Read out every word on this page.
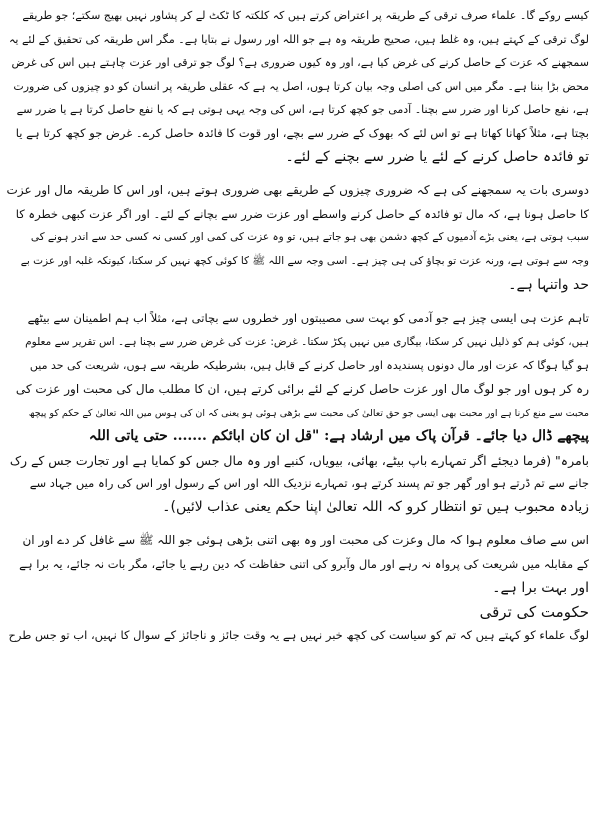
کیسے روکے گا۔ علماء صرف ترقی کے طریقہ پر اعتراض کرتے ہیں کہ کلکتہ کا ٹکٹ لے کر پشاور نہیں بھیج سکتے؛ جو طریقے
لوگ ترقی کے کہتے ہیں، وہ غلط ہیں، صحیح طریقہ وہ ہے جو اللہ اور رسول نے بتایا ہے۔ مگر اس طریقہ کی تحقیق کے لئے یہ
سمجھنے کہ عزت کے حاصل کرنے کی غرض کیا ہے، اور وہ کیوں ضروری ہے؟ لوگ جو ترقی اور عزت چاہتے ہیں اس کی غرض
محض بڑا بننا ہے۔ مگر میں اس کی اصلی وجہ بیان کرتا ہوں، اصل یہ ہے کہ عقلی طریقہ پر انسان کو دو چیزوں کی ضرورت
ہے، نفع حاصل کرنا اور ضرر سے بچنا۔ آدمی جو کچھ کرتا ہے، اس کی وجہ یہی ہوتی ہے کہ یا نفع حاصل کرتا ہے یا ضرر سے
بچتا ہے، مثلاً کھانا کھاتا ہے تو اس لئے کہ بھوک کے ضرر سے بچے، اور قوت کا فائدہ حاصل کرے۔ غرض جو کچھ کرتا ہے یا
تو فائدہ حاصل کرنے کے لئے یا ضرر سے بچنے کے لئے۔
دوسری بات یہ سمجھنے کی ہے کہ ضروری چیزوں کے طریقے بھی ضروری ہوتے ہیں، اور اس کا طریقہ مال اور عزت
کا حاصل ہونا ہے، کہ مال تو فائدہ کے حاصل کرنے واسطے اور عزت ضرر سے بچانے کے لئے۔ اور اگر عزت کبھی خطرہ کا
سبب ہوتی ہے، یعنی بڑے آدمیوں کے کچھ دشمن بھی ہو جاتے ہیں، تو وہ عزت کی کمی اور کسی نہ کسی حد سے اندر ہونے کی
وجہ سے ہوتی ہے، ورنہ عزت تو بچاؤ کی ہی چیز ہے۔ اسی وجہ سے اللہ ﷺ کا کوئی کچھ نہیں کر سکتا، کیونکہ غلبہ اور عزت بے
حد واتنہا ہے۔
تاہم عزت ہی ایسی چیز ہے جو آدمی کو بہت سی مصیبتوں اور خطروں سے بچاتی ہے، مثلاً اب ہم اطمینان سے بیٹھے
ہیں، کوئی ہم کو ذلیل نہیں کر سکتا، بیگاری میں نہیں پکڑ سکتا۔ غرض: عزت کی غرض ضرر سے بچنا ہے۔ اس تقریر سے معلوم
ہو گیا ہوگا کہ عزت اور مال دونوں پسندیدہ اور حاصل کرنے کے قابل ہیں، بشرطیکہ طریقہ سے ہوں، شریعت کی حد میں
رہ کر ہوں اور جو لوگ مال اور عزت حاصل کرنے کے لئے برائی کرتے ہیں، ان کا مطلب مال کی محبت اور عزت کی
محبت سے منع کرنا ہے اور محبت بھی ایسی جو حق تعالیٰ کی محبت سے بڑھی ہوئی ہو یعنی کہ ان کی ہوس میں اللہ تعالیٰ کے حکم کو پیچھ
پیچھے ڈال دیا جائے۔ قرآن پاک میں ارشاد ہے: "قل ان کان ابائکم ....... حتی یاتی اللہ
بامرہ" (فرما دیجئے اگر تمہارے باپ بیٹے، بھائی، بیویاں، کنبے اور وہ مال جس کو کمایا ہے اور تجارت جس کے رک
جانے سے تم ڈرتے ہو اور گھر جو تم پسند کرتے ہو، تمہارے نزدیک اللہ اور اس کے رسول اور اس کی راہ میں جہاد سے
زیادہ محبوب ہیں تو انتظار کرو کہ اللہ تعالیٰ اپنا حکم یعنی عذاب لائیں)۔
اس سے صاف معلوم ہوا کہ مال وعزت کی محبت اور وہ بھی اتنی بڑھی ہوئی جو اللہ ﷺ سے غافل کر دے اور ان
کے مقابلہ میں شریعت کی پرواہ نہ رہے اور مال وآبرو کی اتنی حفاظت کہ دین رہے یا جائے، مگر بات نہ جائے، یہ برا ہے
اور بہت برا ہے۔
حکومت کی ترقی
لوگ علماء کو کہتے ہیں کہ تم کو سیاست کی کچھ خبر نہیں ہے یہ وقت جائز و ناجائز کے سوال کا نہیں، اب تو جس طرح
